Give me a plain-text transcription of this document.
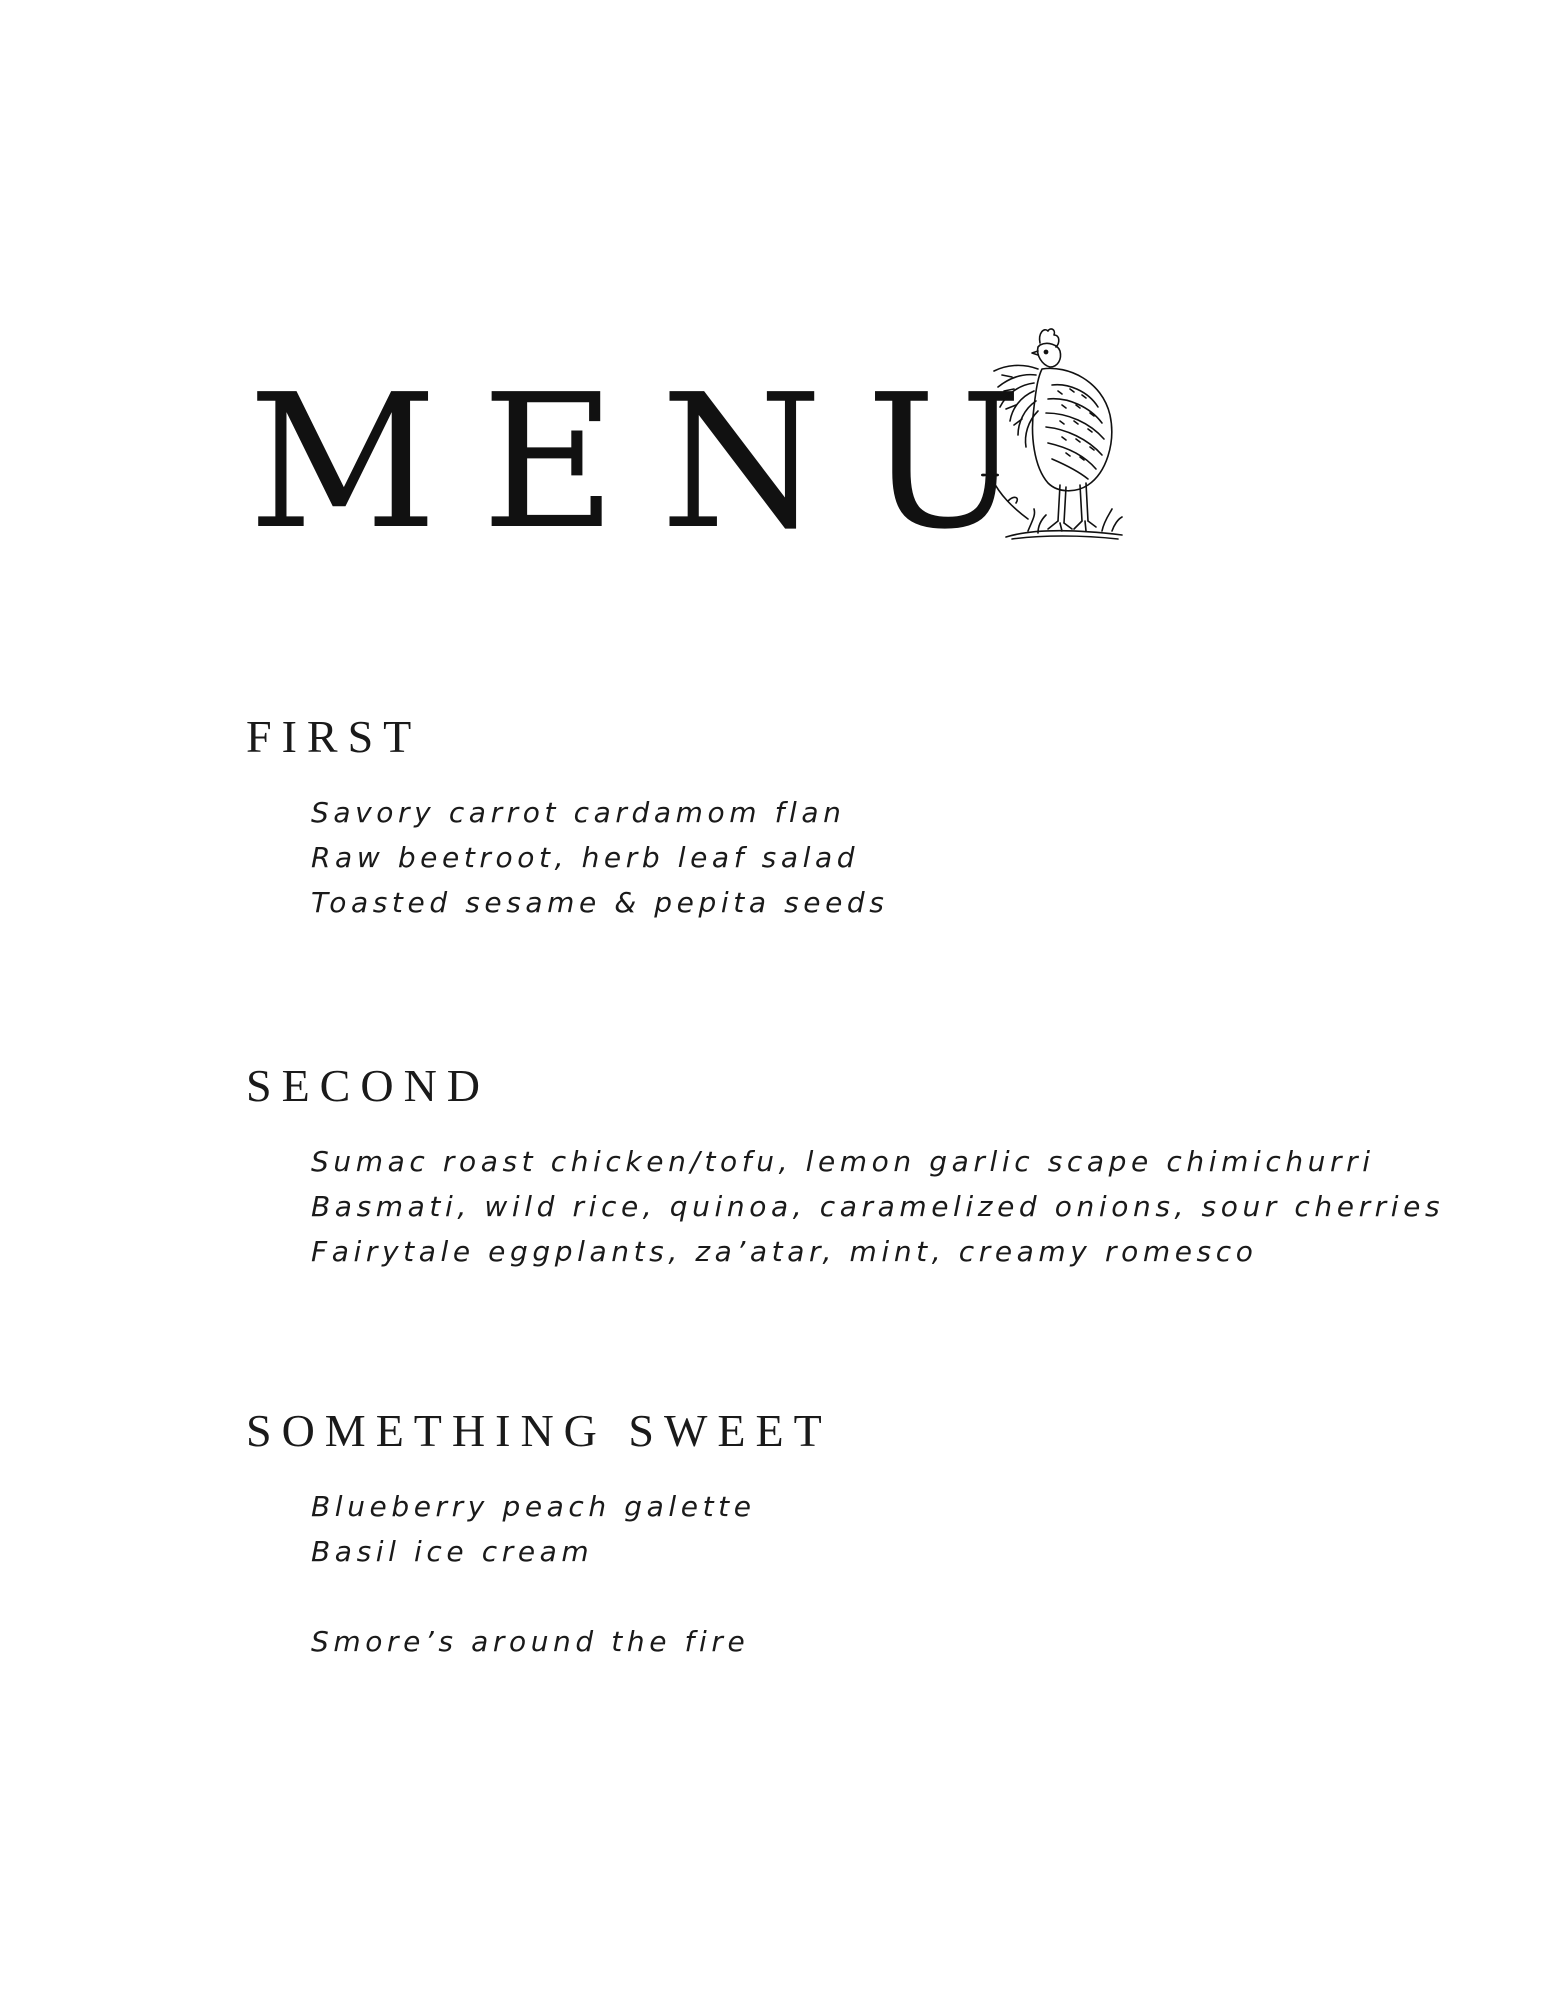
MENU
FIRST
Savory carrot cardamom flan
Raw beetroot, herb leaf salad
Toasted sesame & pepita seeds
SECOND
Sumac roast chicken/tofu, lemon garlic scape chimichurri
Basmati, wild rice, quinoa, caramelized onions, sour cherries
Fairytale eggplants, za’atar, mint, creamy romesco
SOMETHING SWEET
Blueberry peach galette
Basil ice cream
Smore’s around the fire
